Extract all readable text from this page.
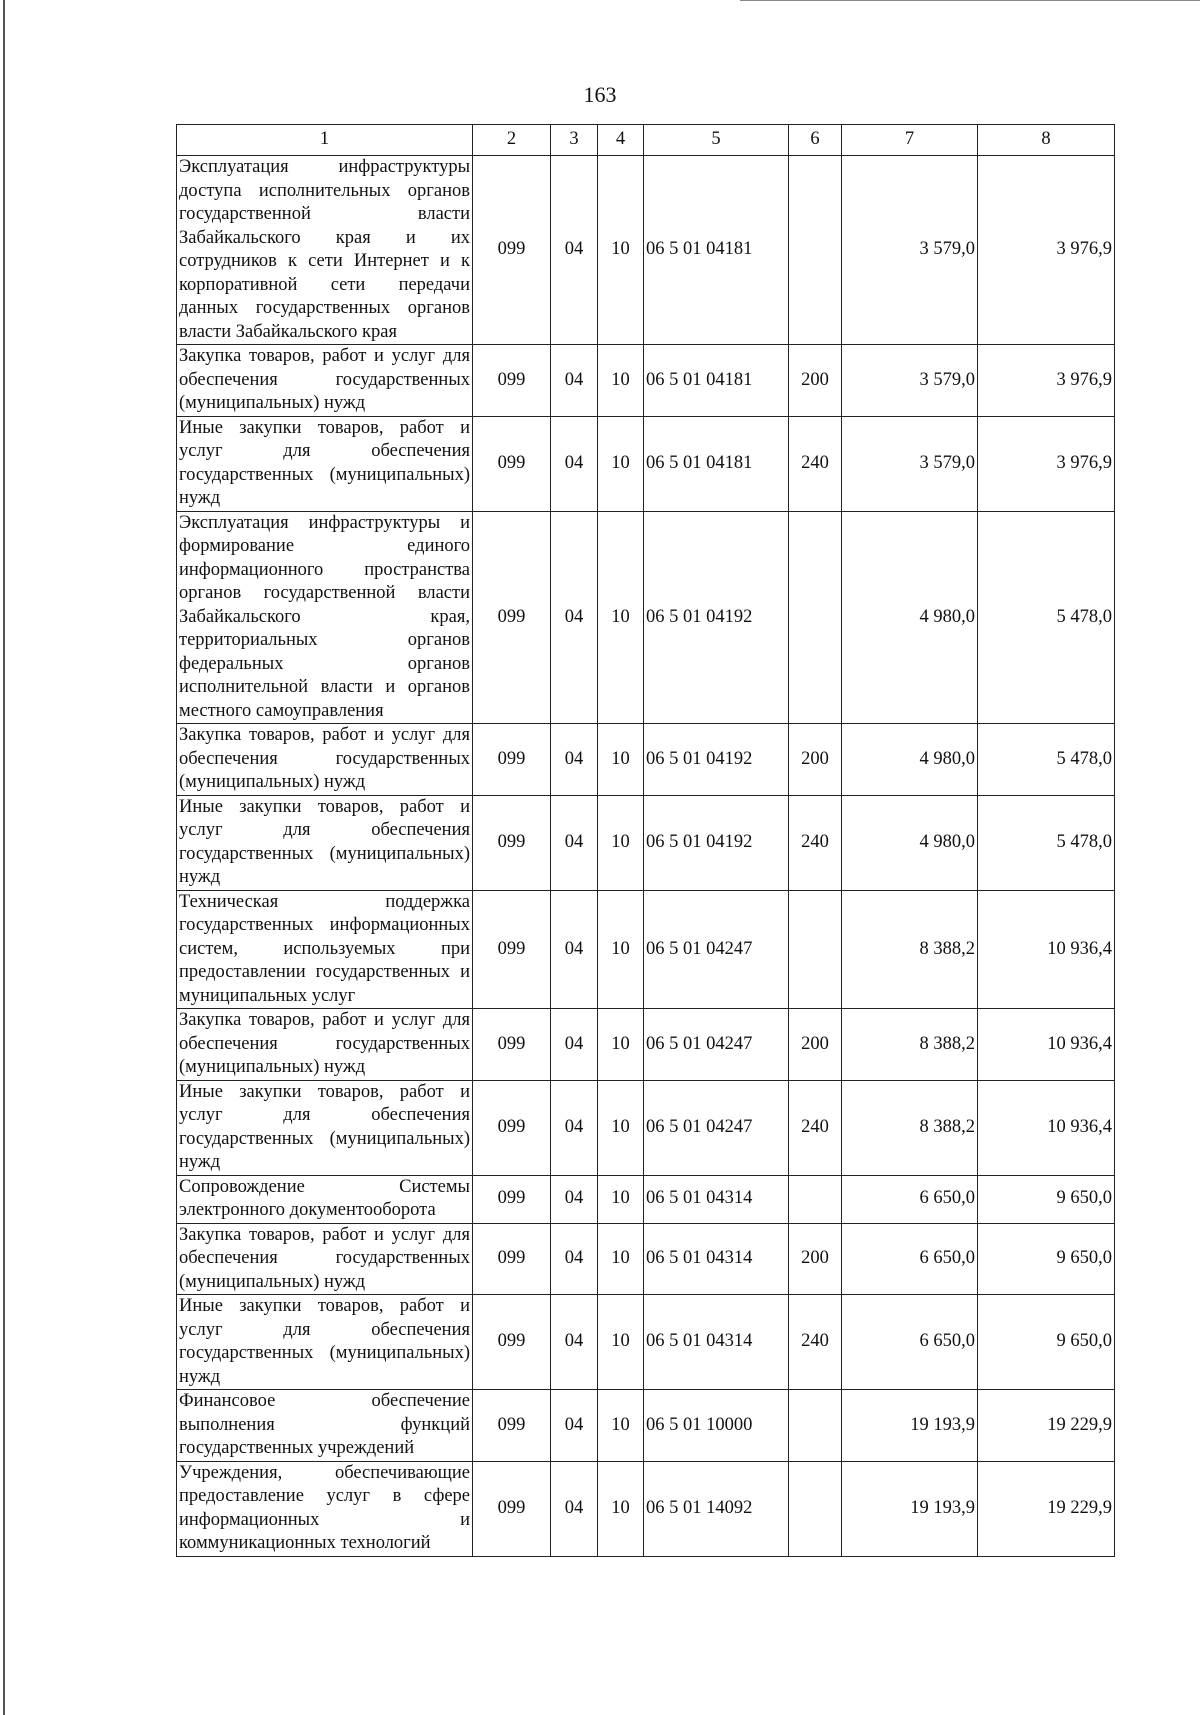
163
1	2	3	4	5	6	7	8
Эксплуатация инфраструктуры доступа исполнительных органов государственной власти Забайкальского края и их сотрудников к сети Интернет и к корпоративной сети передачи данных государственных органов власти Забайкальского края	099	04	10	06 5 01 04181		3 579,0	3 976,9
Закупка товаров, работ и услуг для обеспечения государственных (муниципальных) нужд	099	04	10	06 5 01 04181	200	3 579,0	3 976,9
Иные закупки товаров, работ и услуг для обеспечения государственных (муниципальных) нужд	099	04	10	06 5 01 04181	240	3 579,0	3 976,9
Эксплуатация инфраструктуры и формирование единого информационного пространства органов государственной власти Забайкальского края, территориальных органов федеральных органов исполнительной власти и органов местного самоуправления	099	04	10	06 5 01 04192		4 980,0	5 478,0
Закупка товаров, работ и услуг для обеспечения государственных (муниципальных) нужд	099	04	10	06 5 01 04192	200	4 980,0	5 478,0
Иные закупки товаров, работ и услуг для обеспечения государственных (муниципальных) нужд	099	04	10	06 5 01 04192	240	4 980,0	5 478,0
Техническая поддержка государственных информационных систем, используемых при предоставлении государственных и муниципальных услуг	099	04	10	06 5 01 04247		8 388,2	10 936,4
Закупка товаров, работ и услуг для обеспечения государственных (муниципальных) нужд	099	04	10	06 5 01 04247	200	8 388,2	10 936,4
Иные закупки товаров, работ и услуг для обеспечения государственных (муниципальных) нужд	099	04	10	06 5 01 04247	240	8 388,2	10 936,4
Сопровождение Системы электронного документооборота	099	04	10	06 5 01 04314		6 650,0	9 650,0
Закупка товаров, работ и услуг для обеспечения государственных (муниципальных) нужд	099	04	10	06 5 01 04314	200	6 650,0	9 650,0
Иные закупки товаров, работ и услуг для обеспечения государственных (муниципальных) нужд	099	04	10	06 5 01 04314	240	6 650,0	9 650,0
Финансовое обеспечение выполнения функций государственных учреждений	099	04	10	06 5 01 10000		19 193,9	19 229,9
Учреждения, обеспечивающие предоставление услуг в сфере информационных и коммуникационных технологий	099	04	10	06 5 01 14092		19 193,9	19 229,9
